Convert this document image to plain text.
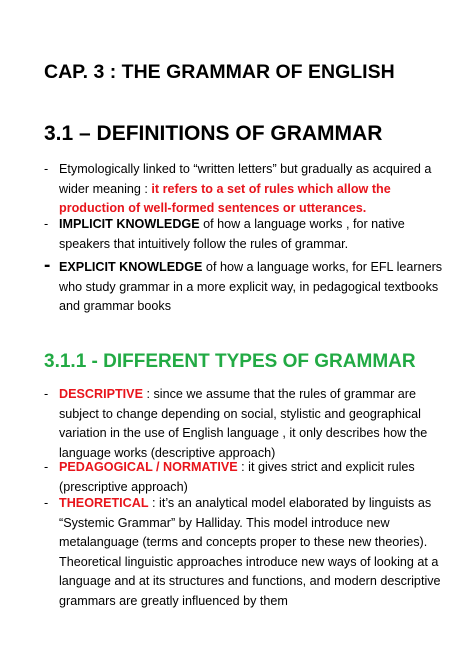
CAP. 3 : THE GRAMMAR OF ENGLISH
3.1 – DEFINITIONS OF GRAMMAR
- Etymologically linked to “written letters” but gradually as acquired a wider meaning : it refers to a set of rules which allow the production of well-formed sentences or utterances.
- IMPLICIT KNOWLEDGE of how a language works , for native speakers that intuitively follow the rules of grammar.
- EXPLICIT KNOWLEDGE of how a language works, for EFL learners who study grammar in a more explicit way, in pedagogical textbooks and grammar books
3.1.1 - DIFFERENT TYPES OF GRAMMAR
- DESCRIPTIVE : since we assume that the rules of grammar are subject to change depending on social, stylistic and geographical variation in the use of English language , it only describes how the language works (descriptive approach)
- PEDAGOGICAL / NORMATIVE : it gives strict and explicit rules (prescriptive approach)
- THEORETICAL : it’s an analytical model elaborated by linguists as “Systemic Grammar” by Halliday. This model introduce new metalanguage (terms and concepts proper to these new theories). Theoretical linguistic approaches introduce new ways of looking at a language and at its structures and functions, and modern descriptive grammars are greatly influenced by them
